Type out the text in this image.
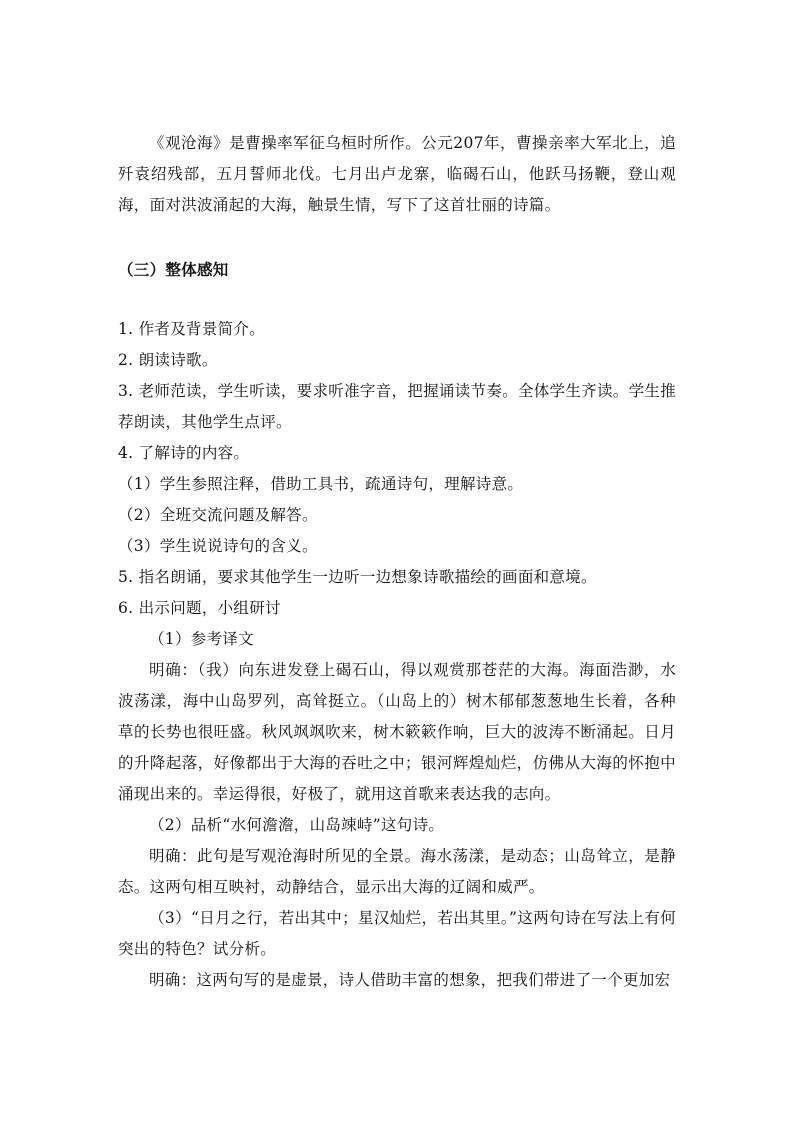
《观沧海》是曹操率军征乌桓时所作。公元207年，曹操亲率大军北上，追歼袁绍残部，五月誓师北伐。七月出卢龙寨，临碣石山，他跃马扬鞭，登山观海，面对洪波涌起的大海，触景生情，写下了这首壮丽的诗篇。

（三）整体感知

1. 作者及背景简介。

2. 朗读诗歌。

3. 老师范读，学生听读，要求听准字音，把握诵读节奏。全体学生齐读。学生推荐朗读，其他学生点评。

4. 了解诗的内容。

（1）学生参照注释，借助工具书，疏通诗句，理解诗意。

（2）全班交流问题及解答。

（3）学生说说诗句的含义。

5. 指名朗诵，要求其他学生一边听一边想象诗歌描绘的画面和意境。

6. 出示问题，小组研讨

（1）参考译文

明确：（我）向东进发登上碣石山，得以观赏那苍茫的大海。海面浩渺，水波荡漾，海中山岛罗列，高耸挺立。（山岛上的）树木郁郁葱葱地生长着，各种草的长势也很旺盛。秋风飒飒吹来，树木簌簌作响，巨大的波涛不断涌起。日月的升降起落，好像都出于大海的吞吐之中；银河辉煌灿烂，仿佛从大海的怀抱中涌现出来的。幸运得很，好极了，就用这首歌来表达我的志向。

（2）品析“水何澹澹，山岛竦峙”这句诗。

明确：此句是写观沧海时所见的全景。海水荡漾，是动态；山岛耸立，是静态。这两句相互映衬，动静结合，显示出大海的辽阔和威严。

（3）“日月之行，若出其中；星汉灿烂，若出其里。”这两句诗在写法上有何突出的特色？试分析。

明确：这两句写的是虚景，诗人借助丰富的想象，把我们带进了一个更加宏
